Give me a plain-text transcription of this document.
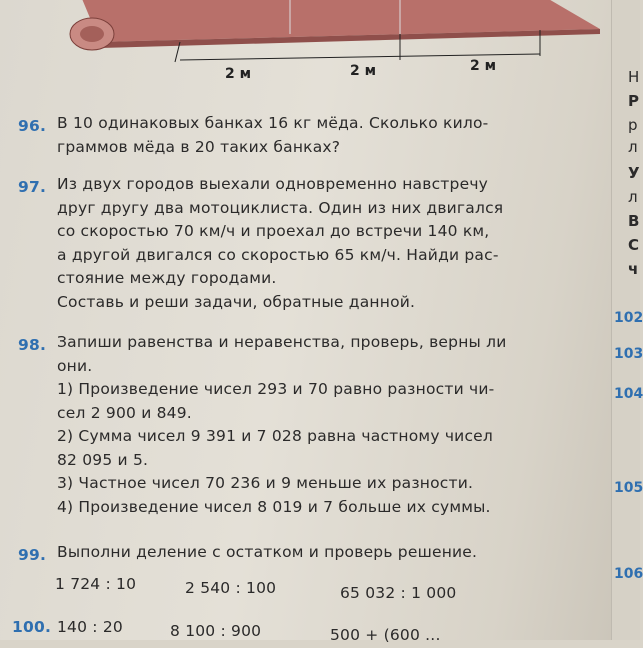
2 м	2 м	2 м
96. В 10 одинаковых банках 16 кг мёда. Сколько кило-
граммов мёда в 20 таких банках?
97. Из двух городов выехали одновременно навстречу
друг другу два мотоциклиста. Один из них двигался
со скоростью 70 км/ч и проехал до встречи 140 км,
а другой двигался со скоростью 65 км/ч. Найди рас-
стояние между городами.
Составь и реши задачи, обратные данной.
98. Запиши равенства и неравенства, проверь, верны ли
они.
1) Произведение чисел 293 и 70 равно разности чи-
сел 2 900 и 849.
2) Сумма чисел 9 391 и 7 028 равна частному чисел
82 095 и 5.
3) Частное чисел 70 236 и 9 меньше их разности.
4) Произведение чисел 8 019 и 7 больше их суммы.
99. Выполни деление с остатком и проверь решение.
1 724 : 10	2 540 : 100	65 032 : 1 000
100. 140 : 20	8 100 : 900	500 + (600 ...
Н
Р
р
л
У
л
В
С
ч
102
103
104
105
106
